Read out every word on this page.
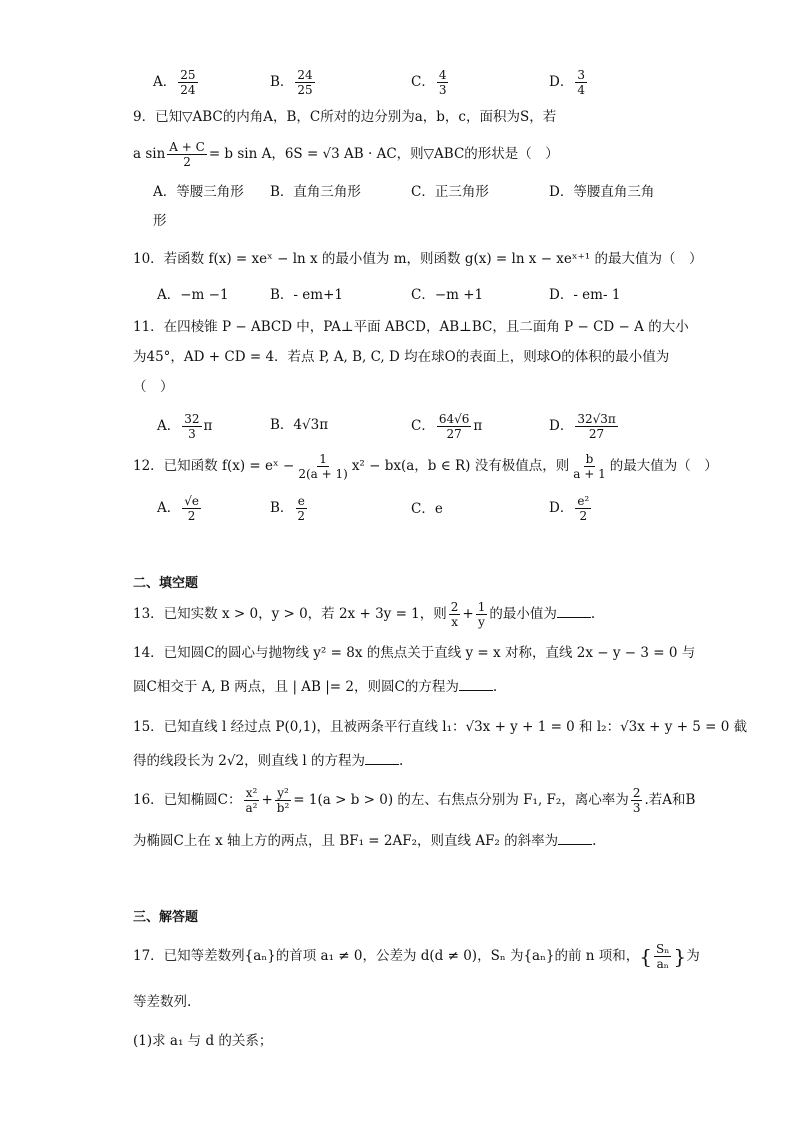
A． $\frac{25}{24}$	B． $\frac{24}{25}$	C． $\frac{4}{3}$	D． $\frac{3}{4}$
9．已知▽ABC的内角A，B，C所对的边分别为a，b，c，面积为S，若
a $\sin \frac{A + C}{2} = b$ sin A，6S = √3 AB · AC，则▽ABC的形状是（　）
A．等腰三角形 B．直角三角形	C．正三角形	D．等腰直角三角
形
10．若函数 f(x) = xeˣ − ln x 的最小值为 m，则函数 g(x) = ln x − xeˣ⁺¹ 的最大值为（　）
A．−m −1	B．- em+1	C．−m +1	D．- em- 1
11．在四棱锥 P − ABCD 中，PA⊥平面 ABCD，AB⊥BC，且二面角 P − CD − A 的大小
为45°，AD + CD = 4．若点 P, A, B, C, D 均在球O的表面上，则球O的体积的最小值为
（　）
A． $\frac{32}{3}$ π	B．4√3π	C． $\frac{64√6}{27}$ π	D． $\frac{32√3\pi}{27}$
12．已知函数 f(x) = eˣ − $\frac{1}{2(a + 1)} x^2 - bx(a$，b ∈ R) 没有极值点，则 $\frac{b}{a + 1}$ 的最大值为（　）
A． $\frac{√e}{2}$	B． $\frac{e}{2}$	C．e	D． $\frac{\text{e²}}{2}$
二、填空题
13．已知实数 x > 0，y > 0，若 2x + 3y = 1，则 $\frac{2}{x} + \frac{1}{y}$ 的最小值为	.
14．已知圆C的圆心与抛物线 y² = 8x 的焦点关于直线 y = x 对称，直线 2x − y − 3 = 0 与
圆C相交于 A, B 两点，且 | AB |= 2，则圆C的方程为	.
15．已知直线 l 经过点 P(0,1)，且被两条平行直线 l₁：√3x + y + 1 = 0 和 l₂：√3x + y + 5 = 0 截
得的线段长为 2√2，则直线 l 的方程为	.
16．已知椭圆C： $\frac{\text{x²}}{\text{a²}} + \frac{\text{y²}}{\text{b²}} = 1(a > b > 0)$ 的左、右焦点分别为 F₁, F₂，离心率为 $\frac{2}{3}$ .若A和B
为椭圆C上在 x 轴上方的两点，且 BF₁ = 2AF₂，则直线 AF₂ 的斜率为	.
三、解答题
17．已知等差数列{aₙ}的首项 a₁ ≠ 0，公差为 d(d ≠ 0)，Sₙ 为{aₙ}的前 n 项和，{ $\frac{\text{Sₙ}}{\text{aₙ}}$ }为
等差数列.
(1)求 a₁ 与 d 的关系；
